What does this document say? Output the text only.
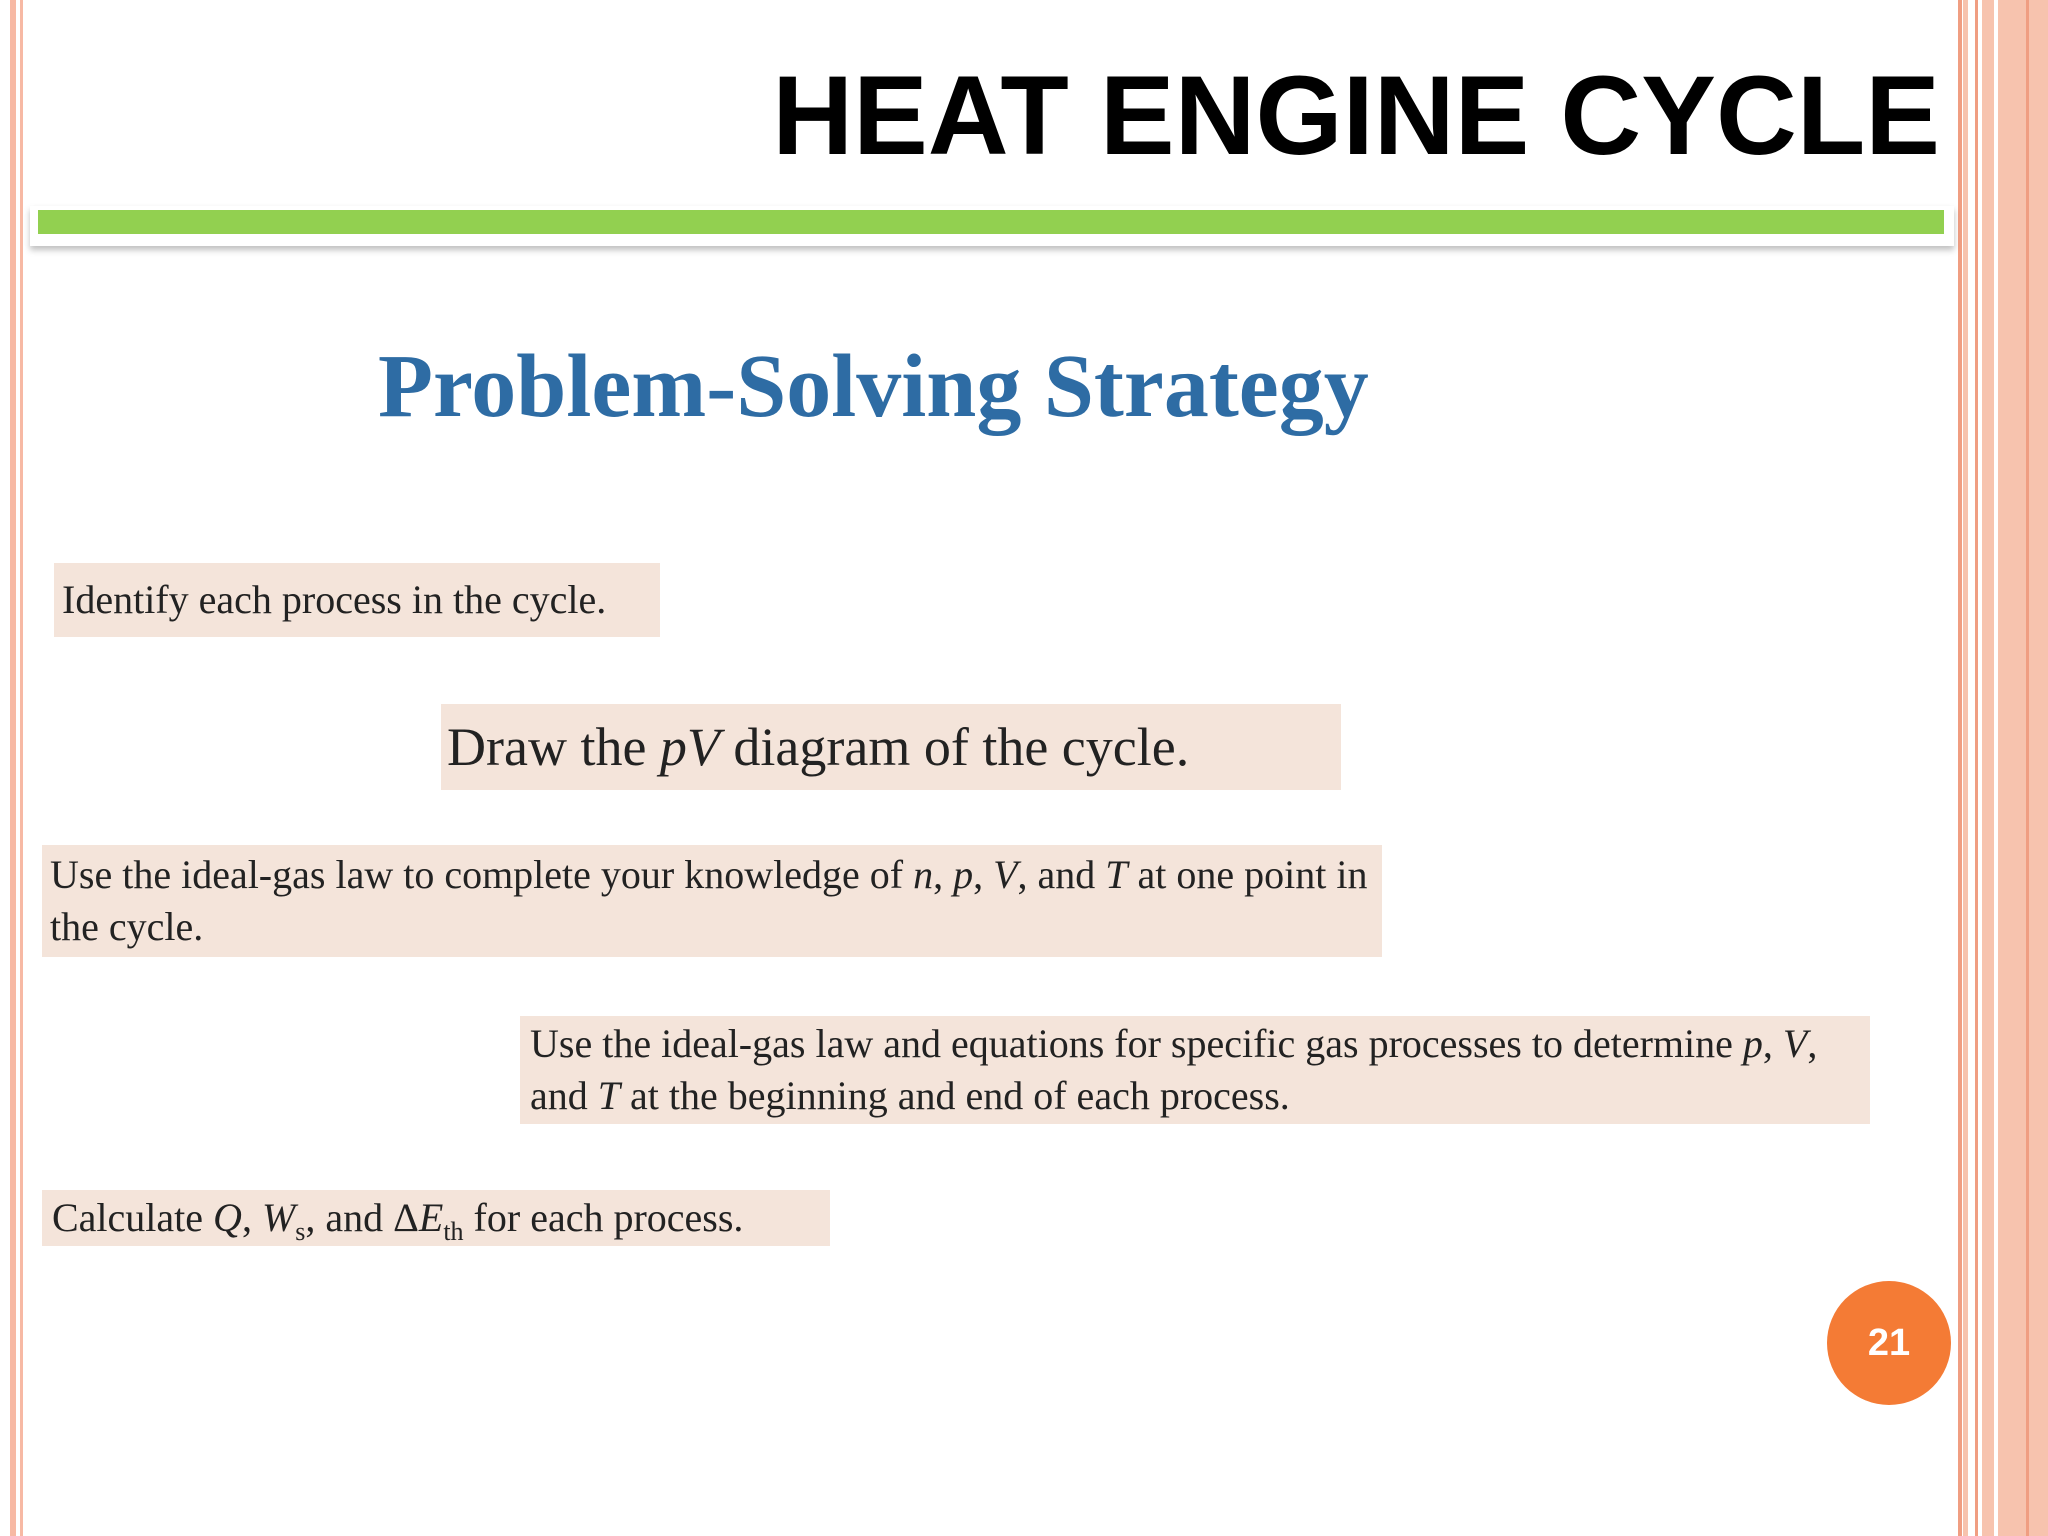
HEAT ENGINE CYCLE
Problem-Solving Strategy
Identify each process in the cycle.
Draw the pV diagram of the cycle.
Use the ideal-gas law to complete your knowledge of n, p, V, and T at one point in the cycle.
Use the ideal-gas law and equations for specific gas processes to determine p, V, and T at the beginning and end of each process.
Calculate Q, $W_s$, and $\Delta E_{th}$ for each process.
21
